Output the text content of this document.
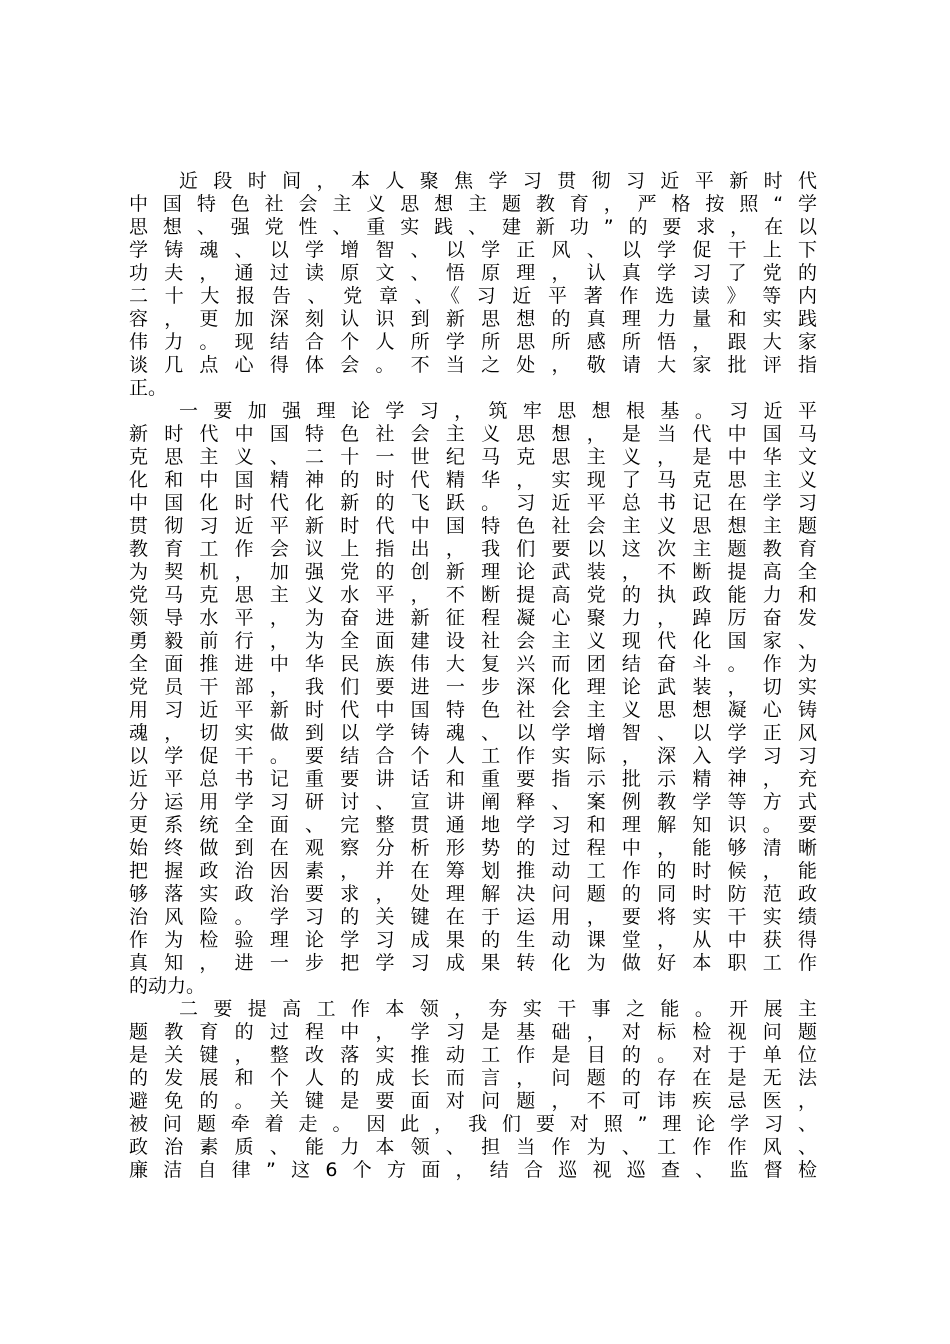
近段时间，本人聚焦学习贯彻习近平新时代
中国特色社会主义思想主题教育，严格按照“学
思想、强党性、重实践、建新功”的要求，在以
学铸魂、以学增智、以学正风、以学促干上下
功夫，通过读原文、悟原理，认真学习了党的
二十大报告、党章、《习近平著作选读》等内
容，更加深刻认识到新思想的真理力量和实践
伟力。现结合个人所学所思所感所悟，跟大家
谈几点心得体会。不当之处，敬请大家批评指
正。
一要加强理论学习，筑牢思想根基。习近平
新时代中国特色社会主义思想，是当代中国马
克思主义、二十一世纪马克思主义，是中华文
化和中国精神的时代精华，实现了马克思主义
中国化时代化新的飞跃。习近平总书记在学习
贯彻习近平新时代中国特色社会主义思想主题
教育工作会议上指出，我们要以这次主题教育
为契机，加强党的创新理论武装，不断提高全
党马克思主义水平，不断提高党的执政能力和
领导水平，为奋进新征程凝心聚力，踔厉奋发
勇毅前行，为全面建设社会主义现代化国家、
全面推进中华民族伟大复兴而团结奋斗。作为
党员干部，我们要进一步深化理论武装，切实
用习近平新时代中国特色社会主义思想凝心铸
魂，切实做到以学铸魂、以学增智、以学正风
以学促干。要结合个人工作实际，深入学习习
近平总书记重要讲话和重要指示批示精神，充
分运用学习研讨、宣讲阐释、案例教学等方式
更系统全面、完整贯通地学习和理解知识。要
始终做到在观察分析形势的过程中，能够清晰
把握政治因素，并在筹划推动工作的时候，能
够落实政治要求，处理解决问题的同时防范政
治风险。学习的关键在于运用，要将实干实绩
作为检验理论学习成果的生动课堂，从中获得
真知，进一步把学习成果转化为做好本职工作
的动力。
二要提高工作本领，夯实干事之能。开展主
题教育的过程中，学习是基础，对标检视问题
是关键，整改落实推动工作是目的。对于单位
的发展和个人的成长而言，问题的存在是无法
避免的。关键是要面对问题，不可讳疾忌医，
被问题牵着走。因此，我们要对照”理论学习、
政治素质、能力本领、担当作为、工作作风、
廉洁自律”这6个方面，结合巡视巡查、监督检
